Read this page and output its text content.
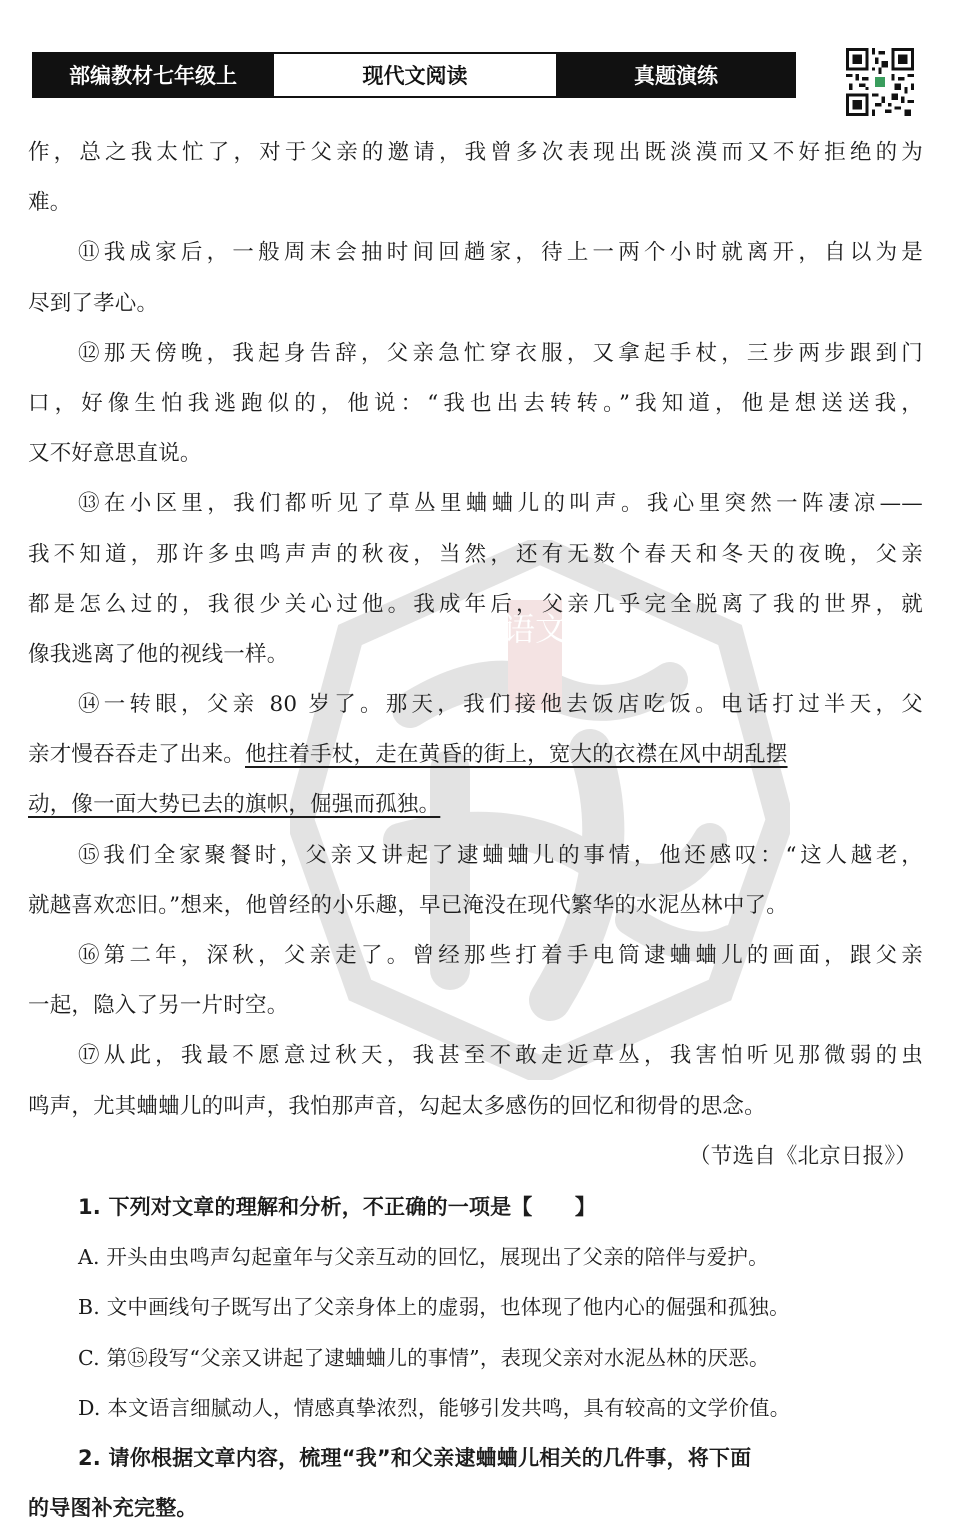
部编教材七年级上	现代文阅读	真题演练
语文
作，总之我太忙了，对于父亲的邀请，我曾多次表现出既淡漠而又不好拒绝的为
难。
⑪我成家后，一般周末会抽时间回趟家，待上一两个小时就离开，自以为是
尽到了孝心。
⑫那天傍晚，我起身告辞，父亲急忙穿衣服，又拿起手杖，三步两步跟到门
口，好像生怕我逃跑似的，他说：“我也出去转转。”我知道，他是想送送我，
又不好意思直说。
⑬在小区里，我们都听见了草丛里蛐蛐儿的叫声。我心里突然一阵凄凉——
我不知道，那许多虫鸣声声的秋夜，当然，还有无数个春天和冬天的夜晚，父亲
都是怎么过的，我很少关心过他。我成年后，父亲几乎完全脱离了我的世界，就
像我逃离了他的视线一样。
⑭一转眼，父亲 80 岁了。那天，我们接他去饭店吃饭。电话打过半天，父
亲才慢吞吞走了出来。他拄着手杖，走在黄昏的街上，宽大的衣襟在风中胡乱摆
动，像一面大势已去的旗帜，倔强而孤独。
⑮我们全家聚餐时，父亲又讲起了逮蛐蛐儿的事情，他还感叹：“这人越老，
就越喜欢恋旧。”想来，他曾经的小乐趣，早已淹没在现代繁华的水泥丛林中了。
⑯第二年，深秋，父亲走了。曾经那些打着手电筒逮蛐蛐儿的画面，跟父亲
一起，隐入了另一片时空。
⑰从此，我最不愿意过秋天，我甚至不敢走近草丛，我害怕听见那微弱的虫
鸣声，尤其蛐蛐儿的叫声，我怕那声音，勾起太多感伤的回忆和彻骨的思念。
（节选自《北京日报》）
1. 下列对文章的理解和分析，不正确的一项是【　　】
A. 开头由虫鸣声勾起童年与父亲互动的回忆，展现出了父亲的陪伴与爱护。
B. 文中画线句子既写出了父亲身体上的虚弱，也体现了他内心的倔强和孤独。
C. 第⑮段写“父亲又讲起了逮蛐蛐儿的事情”，表现父亲对水泥丛林的厌恶。
D. 本文语言细腻动人，情感真挚浓烈，能够引发共鸣，具有较高的文学价值。
2. 请你根据文章内容，梳理“我”和父亲逮蛐蛐儿相关的几件事，将下面
的导图补充完整。
